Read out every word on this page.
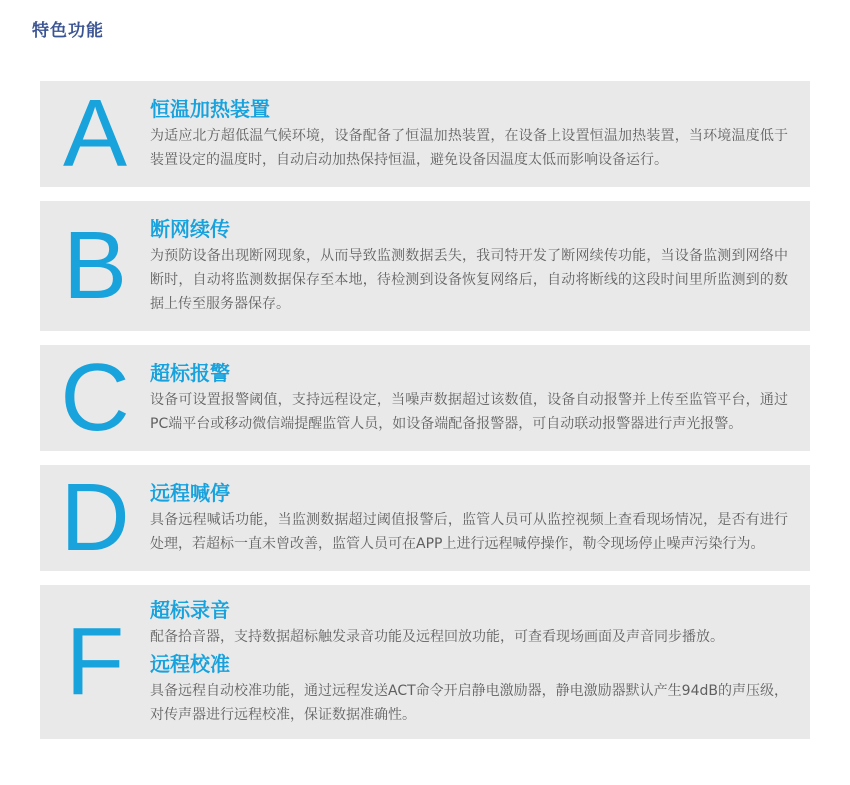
特色功能
A 恒温加热装置

为适应北方超低温气候环境，设备配备了恒温加热装置，在设备上设置恒温加热装置，当环境温度低于装置设定的温度时，自动启动加热保持恒温，避免设备因温度太低而影响设备运行。

B 断网续传

为预防设备出现断网现象，从而导致监测数据丢失，我司特开发了断网续传功能，当设备监测到网络中断时，自动将监测数据保存至本地，待检测到设备恢复网络后，自动将断线的这段时间里所监测到的数据上传至服务器保存。

C 超标报警

设备可设置报警阈值，支持远程设定，当噪声数据超过该数值，设备自动报警并上传至监管平台，通过PC端平台或移动微信端提醒监管人员，如设备端配备报警器，可自动联动报警器进行声光报警。

D 远程喊停

具备远程喊话功能，当监测数据超过阈值报警后，监管人员可从监控视频上查看现场情况，是否有进行处理，若超标一直未曾改善，监管人员可在APP上进行远程喊停操作，勒令现场停止噪声污染行为。

F 超标录音

配备拾音器，支持数据超标触发录音功能及远程回放功能，可查看现场画面及声音同步播放。

远程校准

具备远程自动校准功能，通过远程发送ACT命令开启静电激励器，静电激励器默认产生94dB的声压级，对传声器进行远程校准，保证数据准确性。
